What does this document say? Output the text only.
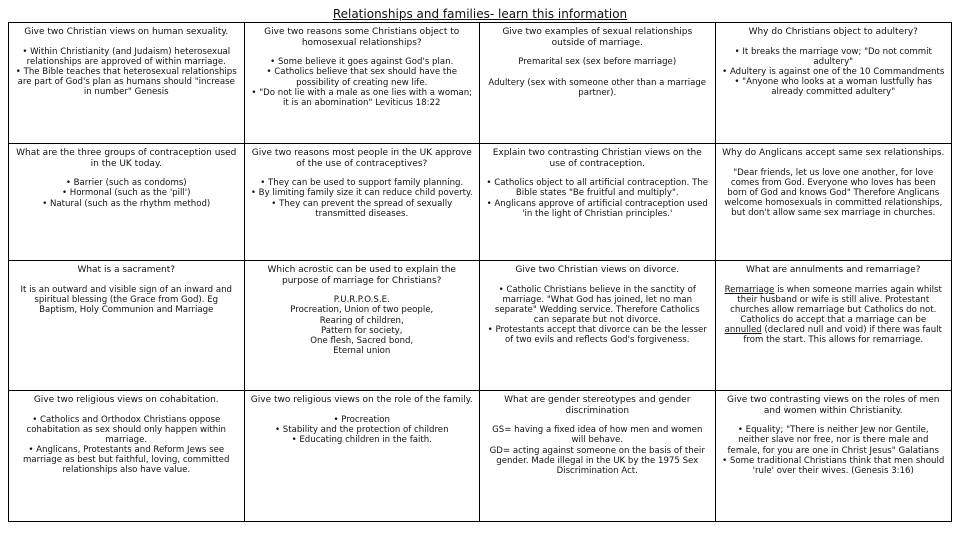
Relationships and families- learn this information

Give two Christian views on human sexuality.

• Within Christianity (and Judaism) heterosexual relationships are approved of within marriage.
• The Bible teaches that heterosexual relationships are part of God's plan as humans should "increase in number" Genesis

Give two reasons some Christians object to homosexual relationships?

• Some believe it goes against God's plan.
• Catholics believe that sex should have the possibility of creating new life.
• "Do not lie with a male as one lies with a woman; it is an abomination" Leviticus 18:22

Give two examples of sexual relationships outside of marriage.

Premarital sex (sex before marriage)

Adultery (sex with someone other than a marriage partner).

Why do Christians object to adultery?

• It breaks the marriage vow; "Do not commit adultery"
• Adultery is against one of the 10 Commandments
• "Anyone who looks at a woman lustfully has already committed adultery"

What are the three groups of contraception used in the UK today.

• Barrier (such as condoms)
• Hormonal (such as the 'pill')
• Natural (such as the rhythm method)

Give two reasons most people in the UK approve of the use of contraceptives?

• They can be used to support family planning.
• By limiting family size it can reduce child poverty.
• They can prevent the spread of sexually transmitted diseases.

Explain two contrasting Christian views on the use of contraception.

• Catholics object to all artificial contraception. The Bible states "Be fruitful and multiply".
• Anglicans approve of artificial contraception used 'in the light of Christian principles.'

Why do Anglicans accept same sex relationships.

"Dear friends, let us love one another, for love comes from God. Everyone who loves has been born of God and knows God" Therefore Anglicans welcome homosexuals in committed relationships, but don't allow same sex marriage in churches.

What is a sacrament?

It is an outward and visible sign of an inward and spiritual blessing (the Grace from God). Eg Baptism, Holy Communion and Marriage

Which acrostic can be used to explain the purpose of marriage for Christians?

P.U.R.P.O.S.E.
Procreation, Union of two people,
Rearing of children,
Pattern for society,
One flesh, Sacred bond,
Eternal union

Give two Christian views on divorce.

• Catholic Christians believe in the sanctity of marriage. "What God has joined, let no man separate" Wedding service. Therefore Catholics can separate but not divorce.
• Protestants accept that divorce can be the lesser of two evils and reflects God's forgiveness.

What are annulments and remarriage?

Remarriage is when someone marries again whilst their husband or wife is still alive. Protestant churches allow remarriage but Catholics do not.
Catholics do accept that a marriage can be annulled (declared null and void) if there was fault from the start. This allows for remarriage.

Give two religious views on cohabitation.

• Catholics and Orthodox Christians oppose cohabitation as sex should only happen within marriage.
• Anglicans, Protestants and Reform Jews see marriage as best but faithful, loving, committed relationships also have value.

Give two religious views on the role of the family.

• Procreation
• Stability and the protection of children
• Educating children in the faith.

What are gender stereotypes and gender discrimination

GS= having a fixed idea of how men and women will behave.
GD= acting against someone on the basis of their gender. Made illegal in the UK by the 1975 Sex Discrimination Act.

Give two contrasting views on the roles of men and women within Christianity.

• Equality; "There is neither Jew nor Gentile, neither slave nor free, nor is there male and female, for you are one in Christ Jesus" Galatians
• Some traditional Christians think that men should 'rule' over their wives. (Genesis 3:16)
